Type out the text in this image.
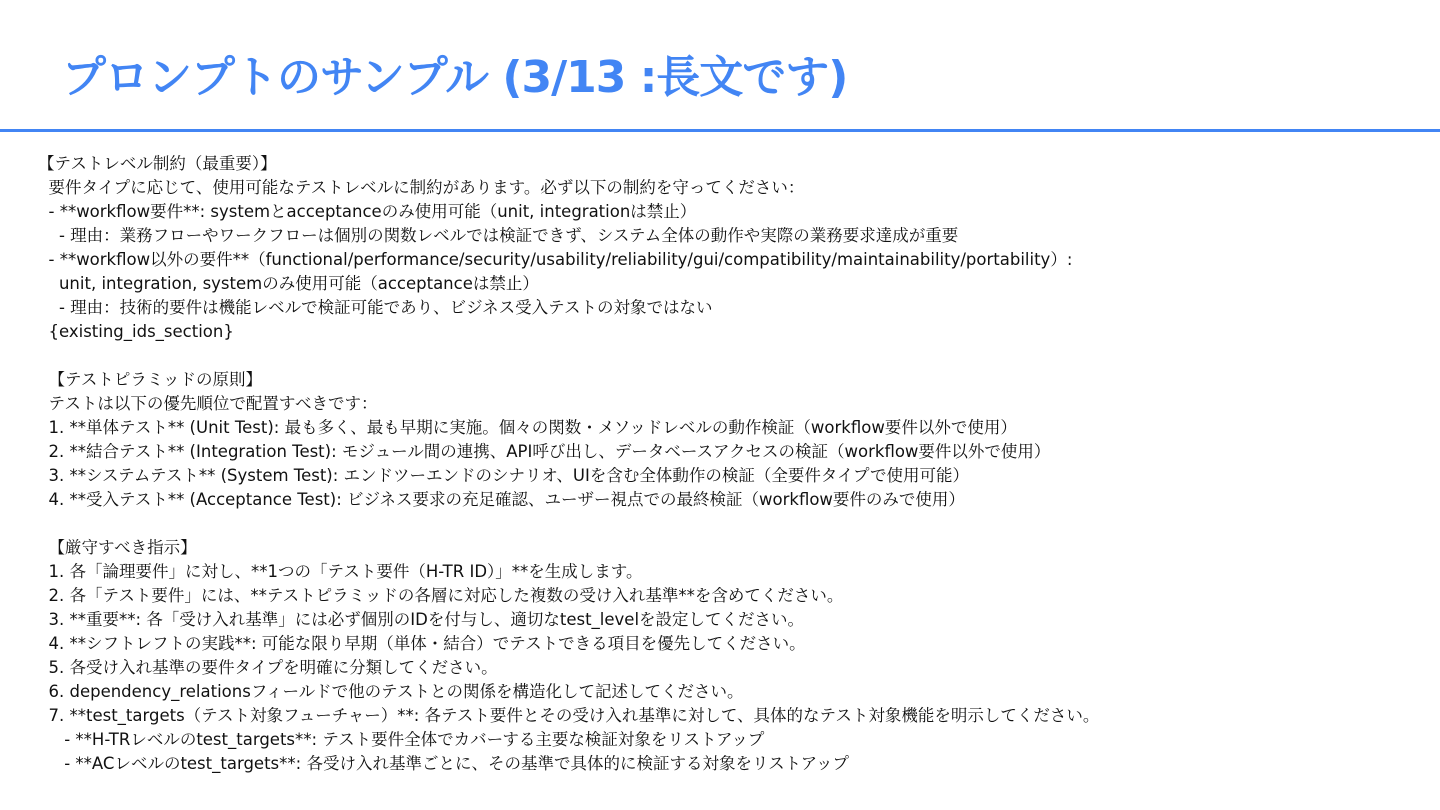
プロンプトのサンプル (3/13 :長文です)
【テストレベル制約（最重要）】
要件タイプに応じて、使用可能なテストレベルに制約があります。必ず以下の制約を守ってください：
- **workflow要件**: systemとacceptanceのみ使用可能（unit, integrationは禁止）
- 理由：業務フローやワークフローは個別の関数レベルでは検証できず、システム全体の動作や実際の業務要求達成が重要
- **workflow以外の要件**（functional/performance/security/usability/reliability/gui/compatibility/maintainability/portability）:
unit, integration, systemのみ使用可能（acceptanceは禁止）
- 理由：技術的要件は機能レベルで検証可能であり、ビジネス受入テストの対象ではない
{existing_ids_section}
【テストピラミッドの原則】
テストは以下の優先順位で配置すべきです：
1. **単体テスト** (Unit Test): 最も多く、最も早期に実施。個々の関数・メソッドレベルの動作検証（workflow要件以外で使用）
2. **結合テスト** (Integration Test): モジュール間の連携、API呼び出し、データベースアクセスの検証（workflow要件以外で使用）
3. **システムテスト** (System Test): エンドツーエンドのシナリオ、UIを含む全体動作の検証（全要件タイプで使用可能）
4. **受入テスト** (Acceptance Test): ビジネス要求の充足確認、ユーザー視点での最終検証（workflow要件のみで使用）
【厳守すべき指示】
1. 各「論理要件」に対し、**1つの「テスト要件（H-TR ID）」**を生成します。
2. 各「テスト要件」には、**テストピラミッドの各層に対応した複数の受け入れ基準**を含めてください。
3. **重要**: 各「受け入れ基準」には必ず個別のIDを付与し、適切なtest_levelを設定してください。
4. **シフトレフトの実践**: 可能な限り早期（単体・結合）でテストできる項目を優先してください。
5. 各受け入れ基準の要件タイプを明確に分類してください。
6. dependency_relationsフィールドで他のテストとの関係を構造化して記述してください。
7. **test_targets（テスト対象フューチャー）**: 各テスト要件とその受け入れ基準に対して、具体的なテスト対象機能を明示してください。
- **H-TRレベルのtest_targets**: テスト要件全体でカバーする主要な検証対象をリストアップ
- **ACレベルのtest_targets**: 各受け入れ基準ごとに、その基準で具体的に検証する対象をリストアップ
